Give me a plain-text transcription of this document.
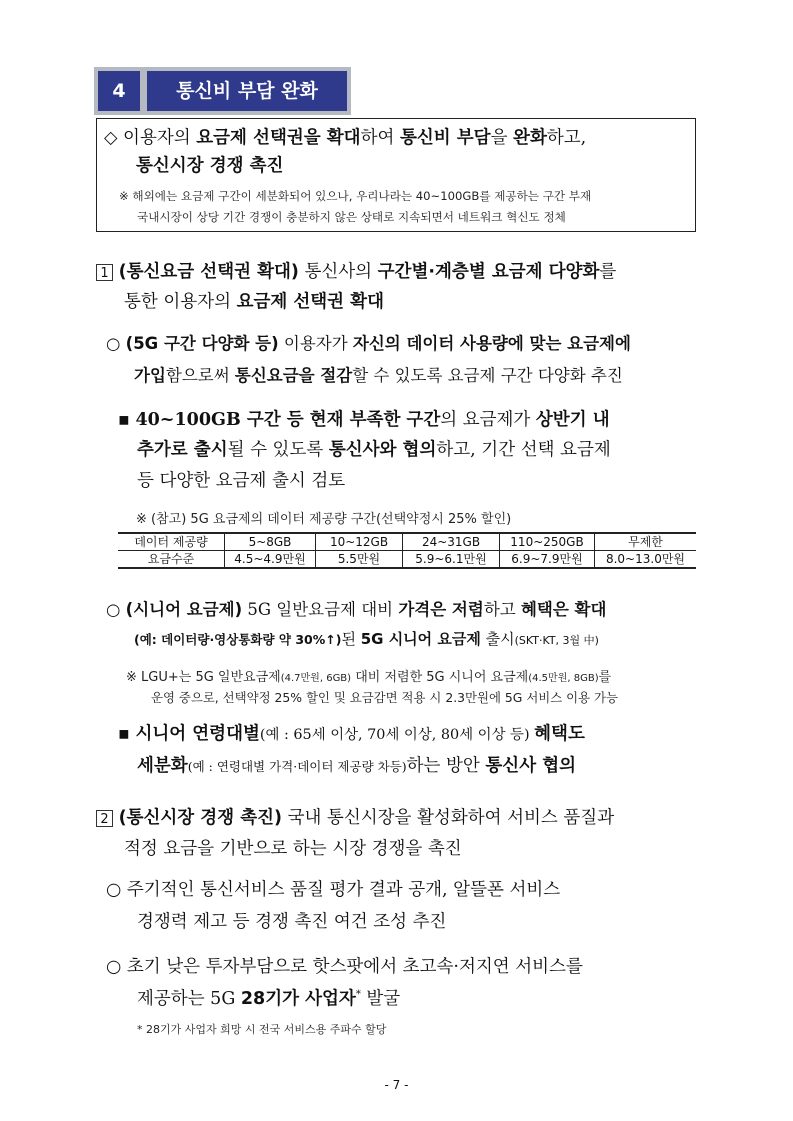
4	통신비 부담 완화
◇ 이용자의 요금제 선택권을 확대하여 통신비 부담을 완화하고,
통신시장 경쟁 촉진
※ 해외에는 요금제 구간이 세분화되어 있으나, 우리나라는 40~100GB를 제공하는 구간 부재
국내시장이 상당 기간 경쟁이 충분하지 않은 상태로 지속되면서 네트워크 혁신도 정체
1 (통신요금 선택권 확대) 통신사의 구간별·계층별 요금제 다양화를
통한 이용자의 요금제 선택권 확대
○ (5G 구간 다양화 등) 이용자가 자신의 데이터 사용량에 맞는 요금제에
가입함으로써 통신요금을 절감할 수 있도록 요금제 구간 다양화 추진
▪ 40~100GB 구간 등 현재 부족한 구간의 요금제가 상반기 내
추가로 출시될 수 있도록 통신사와 협의하고, 기간 선택 요금제
등 다양한 요금제 출시 검토
※ (참고) 5G 요금제의 데이터 제공량 구간(선택약정시 25% 할인)
데이터 제공량	5~8GB	10~12GB	24~31GB	110~250GB	무제한
요금수준	4.5~4.9만원	5.5만원	5.9~6.1만원	6.9~7.9만원	8.0~13.0만원
○ (시니어 요금제) 5G 일반요금제 대비 가격은 저렴하고 혜택은 확대
(예: 데이터량·영상통화량 약 30%↑)된 5G 시니어 요금제 출시(SKT·KT, 3월 中)
※ LGU+는 5G 일반요금제(4.7만원, 6GB) 대비 저렴한 5G 시니어 요금제(4.5만원, 8GB)를
운영 중으로, 선택약정 25% 할인 및 요금감면 적용 시 2.3만원에 5G 서비스 이용 가능
▪ 시니어 연령대별(예 : 65세 이상, 70세 이상, 80세 이상 등) 혜택도
세분화(예 : 연령대별 가격·데이터 제공량 차등)하는 방안 통신사 협의
2 (통신시장 경쟁 촉진) 국내 통신시장을 활성화하여 서비스 품질과
적정 요금을 기반으로 하는 시장 경쟁을 촉진
○ 주기적인 통신서비스 품질 평가 결과 공개, 알뜰폰 서비스
경쟁력 제고 등 경쟁 촉진 여건 조성 추진
○ 초기 낮은 투자부담으로 핫스팟에서 초고속·저지연 서비스를
제공하는 5G 28기가 사업자* 발굴
* 28기가 사업자 희망 시 전국 서비스용 주파수 할당
- 7 -
